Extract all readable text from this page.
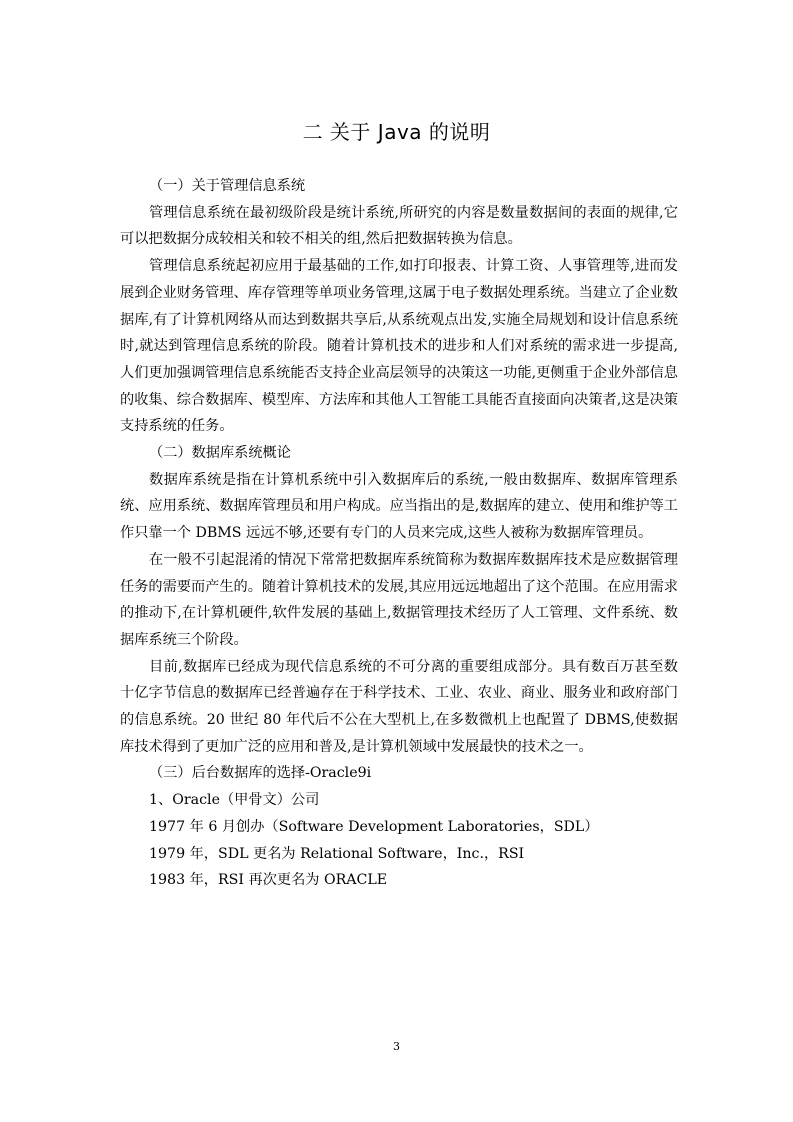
二 关于 Java 的说明

（一）关于管理信息系统

管理信息系统在最初级阶段是统计系统,所研究的内容是数量数据间的表面的规律,它可以把数据分成较相关和较不相关的组,然后把数据转换为信息。

管理信息系统起初应用于最基础的工作,如打印报表、计算工资、人事管理等,进而发展到企业财务管理、库存管理等单项业务管理,这属于电子数据处理系统。当建立了企业数据库,有了计算机网络从而达到数据共享后,从系统观点出发,实施全局规划和设计信息系统时,就达到管理信息系统的阶段。随着计算机技术的进步和人们对系统的需求进一步提高,人们更加强调管理信息系统能否支持企业高层领导的决策这一功能,更侧重于企业外部信息的收集、综合数据库、模型库、方法库和其他人工智能工具能否直接面向决策者,这是决策支持系统的任务。

（二）数据库系统概论

数据库系统是指在计算机系统中引入数据库后的系统,一般由数据库、数据库管理系统、应用系统、数据库管理员和用户构成。应当指出的是,数据库的建立、使用和维护等工作只靠一个 DBMS 远远不够,还要有专门的人员来完成,这些人被称为数据库管理员。

在一般不引起混淆的情况下常常把数据库系统简称为数据库数据库技术是应数据管理任务的需要而产生的。随着计算机技术的发展,其应用远远地超出了这个范围。在应用需求的推动下,在计算机硬件,软件发展的基础上,数据管理技术经历了人工管理、文件系统、数据库系统三个阶段。

目前,数据库已经成为现代信息系统的不可分离的重要组成部分。具有数百万甚至数十亿字节信息的数据库已经普遍存在于科学技术、工业、农业、商业、服务业和政府部门的信息系统。20 世纪 80 年代后不公在大型机上,在多数微机上也配置了 DBMS,使数据库技术得到了更加广泛的应用和普及,是计算机领域中发展最快的技术之一。

（三）后台数据库的选择-Oracle9i

1、Oracle（甲骨文）公司

1977 年 6 月创办（Software Development Laboratories，SDL）

1979 年，SDL 更名为 Relational Software，Inc.，RSI

1983 年，RSI 再次更名为 ORACLE

3
